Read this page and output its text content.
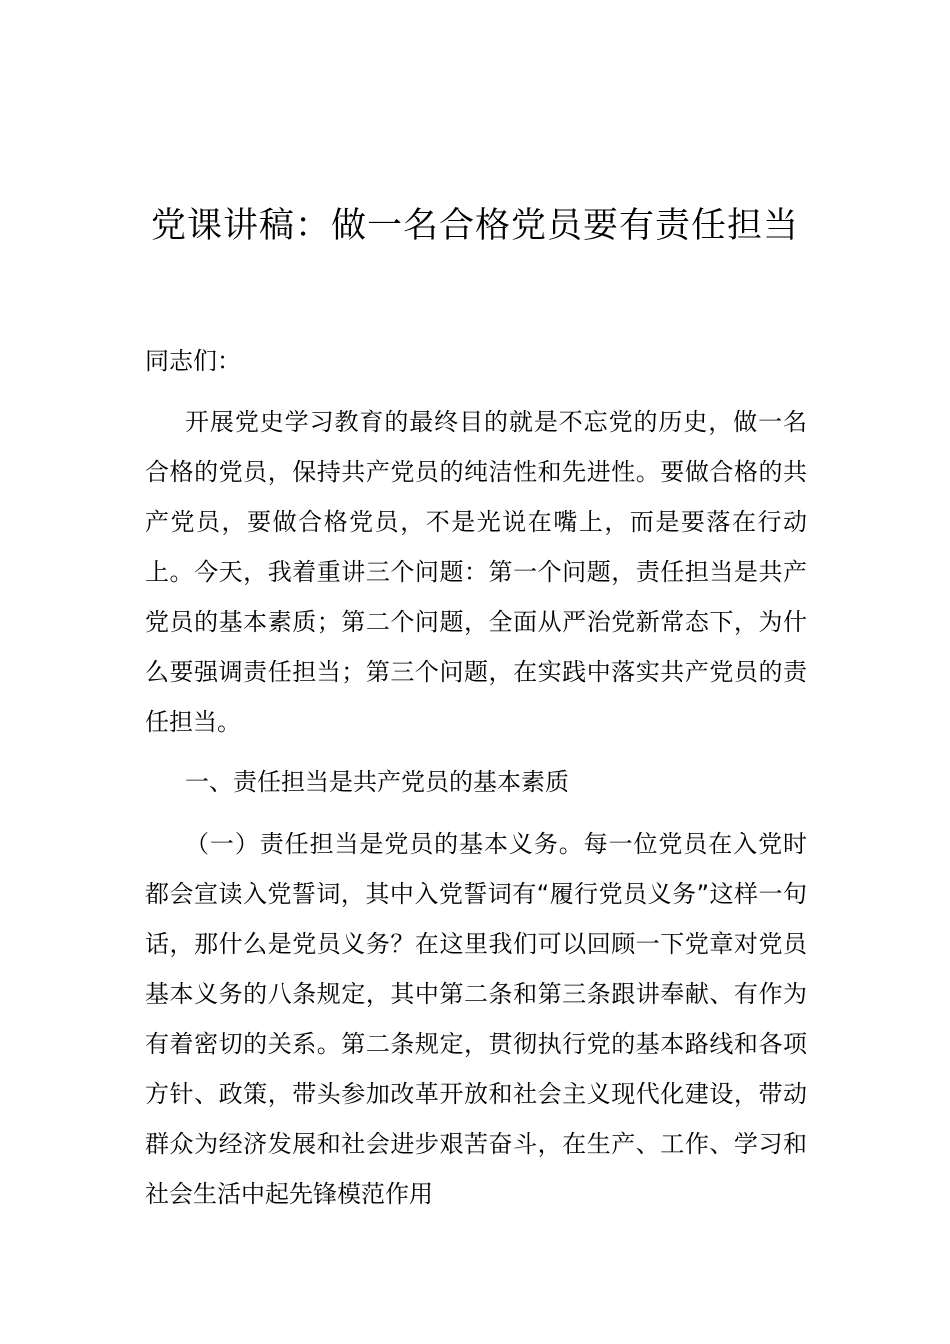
党课讲稿：做一名合格党员要有责任担当
同志们：
开展党史学习教育的最终目的就是不忘党的历史，做一名合格的党员，保持共产党员的纯洁性和先进性。要做合格的共产党员，要做合格党员，不是光说在嘴上，而是要落在行动上。今天，我着重讲三个问题：第一个问题，责任担当是共产党员的基本素质；第二个问题，全面从严治党新常态下，为什么要强调责任担当；第三个问题，在实践中落实共产党员的责任担当。
一、责任担当是共产党员的基本素质
（一）责任担当是党员的基本义务。每一位党员在入党时都会宣读入党誓词，其中入党誓词有“履行党员义务”这样一句话，那什么是党员义务？在这里我们可以回顾一下党章对党员基本义务的八条规定，其中第二条和第三条跟讲奉献、有作为有着密切的关系。第二条规定，贯彻执行党的基本路线和各项方针、政策，带头参加改革开放和社会主义现代化建设，带动群众为经济发展和社会进步艰苦奋斗，在生产、工作、学习和社会生活中起先锋模范作用
